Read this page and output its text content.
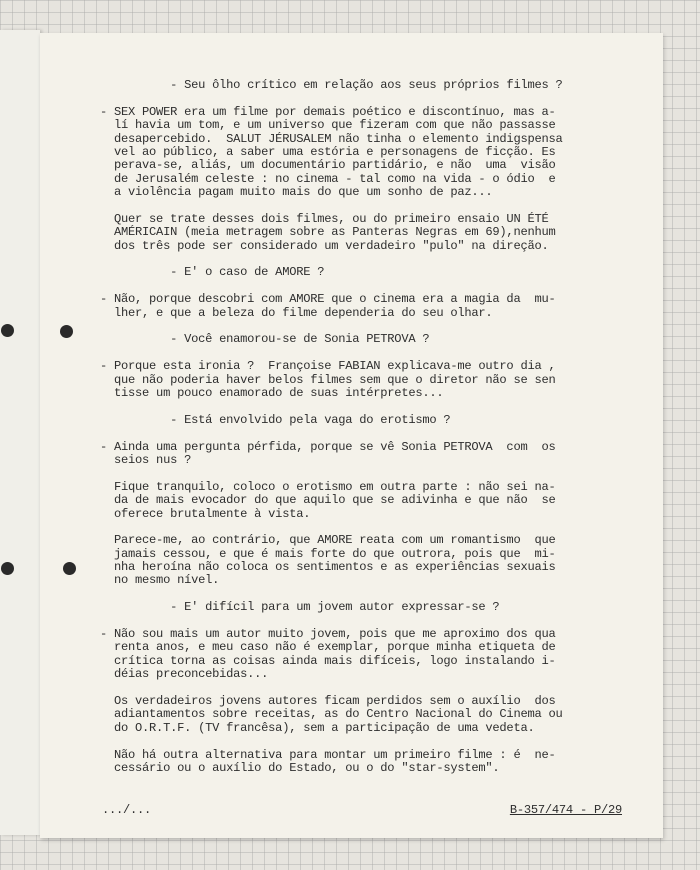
- Seu ôlho crítico em relação aos seus próprios filmes ?
- SEX POWER era um filme por demais poético e discontínuo, mas a-
lí havia um tom, e um universo que fizeram com que não passasse
desapercebido.  SALUT JÉRUSALEM não tinha o elemento indigspensa
vel ao público, a saber uma estória e personagens de ficção. Es
perava-se, aliás, um documentário partidário, e não  uma  visão
de Jerusalém celeste : no cinema - tal como na vida - o ódio  e
a violência pagam muito mais do que um sonho de paz...
Quer se trate desses dois filmes, ou do primeiro ensaio UN ÉTÉ
AMÉRICAIN (meia metragem sobre as Panteras Negras em 69),nenhum
dos três pode ser considerado um verdadeiro "pulo" na direção.
- E' o caso de AMORE ?
- Não, porque descobri com AMORE que o cinema era a magia da  mu-
lher, e que a beleza do filme dependeria do seu olhar.
- Você enamorou-se de Sonia PETROVA ?
- Porque esta ironia ?  Françoise FABIAN explicava-me outro dia ,
que não poderia haver belos filmes sem que o diretor não se sen
tisse um pouco enamorado de suas intérpretes...
- Está envolvido pela vaga do erotismo ?
- Ainda uma pergunta pérfida, porque se vê Sonia PETROVA  com  os
seios nus ?
Fique tranquilo, coloco o erotismo em outra parte : não sei na-
da de mais evocador do que aquilo que se adivinha e que não  se
oferece brutalmente à vista.
Parece-me, ao contrário, que AMORE reata com um romantismo  que
jamais cessou, e que é mais forte do que outrora, pois que  mi-
nha heroína não coloca os sentimentos e as experiências sexuais
no mesmo nível.
- E' difícil para um jovem autor expressar-se ?
- Não sou mais um autor muito jovem, pois que me aproximo dos qua
renta anos, e meu caso não é exemplar, porque minha etiqueta de
crítica torna as coisas ainda mais difíceis, logo instalando i-
déias preconcebidas...
Os verdadeiros jovens autores ficam perdidos sem o auxílio  dos
adiantamentos sobre receitas, as do Centro Nacional do Cinema ou
do O.R.T.F. (TV francêsa), sem a participação de uma vedeta.
Não há outra alternativa para montar um primeiro filme : é  ne-
cessário ou o auxílio do Estado, ou o do "star-system".
.../...	B-357/474 - P/29
